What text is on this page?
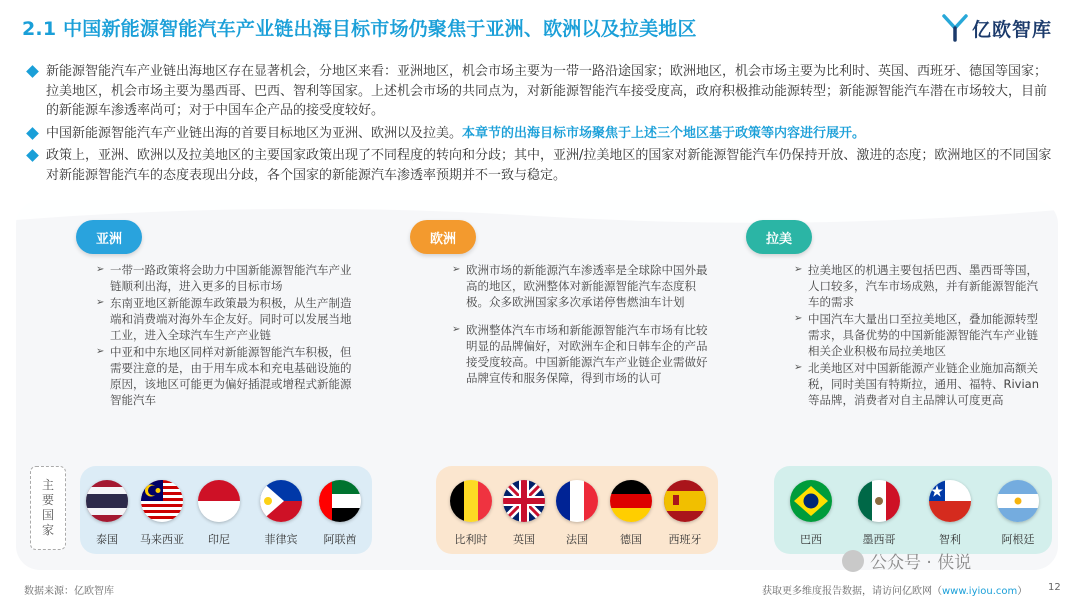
2.1 中国新能源智能汽车产业链出海目标市场仍聚焦于亚洲、欧洲以及拉美地区	亿欧智库
新能源智能汽车产业链出海地区存在显著机会，分地区来看：亚洲地区，机会市场主要为一带一路沿途国家；欧洲地区，机会市场主要为比利时、英国、西班牙、德国等国家；拉美地区，机会市场主要为墨西哥、巴西、智利等国家。上述机会市场的共同点为，对新能源智能汽车接受度高，政府积极推动能源转型；新能源智能汽车潜在市场较大，目前的新能源车渗透率尚可；对于中国车企产品的接受度较好。
中国新能源智能汽车产业链出海的首要目标地区为亚洲、欧洲以及拉美。本章节的出海目标市场聚焦于上述三个地区基于政策等内容进行展开。
政策上，亚洲、欧洲以及拉美地区的主要国家政策出现了不同程度的转向和分歧；其中，亚洲/拉美地区的国家对新能源智能汽车仍保持开放、激进的态度；欧洲地区的不同国家对新能源智能汽车的态度表现出分歧，各个国家的新能源汽车渗透率预期并不一致与稳定。
亚洲	欧洲	拉美
➢ 一带一路政策将会助力中国新能源智能汽车产业链顺利出海，进入更多的目标市场
➢ 东南亚地区新能源车政策最为积极，从生产制造端和消费端对海外车企友好。同时可以发展当地工业，进入全球汽车生产产业链
➢ 中亚和中东地区同样对新能源智能汽车积极，但需要注意的是，由于用车成本和充电基础设施的原因，该地区可能更为偏好插混或增程式新能源智能汽车
➢ 欧洲市场的新能源汽车渗透率是全球除中国外最高的地区，欧洲整体对新能源智能汽车态度积极。众多欧洲国家多次承诺停售燃油车计划
➢ 欧洲整体汽车市场和新能源智能汽车市场有比较明显的品牌偏好，对欧洲车企和日韩车企的产品接受度较高。中国新能源汽车产业链企业需做好品牌宣传和服务保障，得到市场的认可
➢ 拉美地区的机遇主要包括巴西、墨西哥等国，人口较多，汽车市场成熟，并有新能源智能汽车的需求
➢ 中国汽车大量出口至拉美地区，叠加能源转型需求，具备优势的中国新能源智能汽车产业链相关企业积极布局拉美地区
➢ 北美地区对中国新能源产业链企业施加高额关税，同时美国有特斯拉，通用、福特、Rivian等品牌，消费者对自主品牌认可度更高
主
要
国
家
泰国	马来西亚	印尼	菲律宾	阿联酋	比利时	英国	法国	德国	西班牙	巴西	墨西哥	智利	阿根廷
公众号 · 侠说
数据来源：亿欧智库	获取更多维度报告数据，请访问亿欧网（www.iyiou.com） 12
